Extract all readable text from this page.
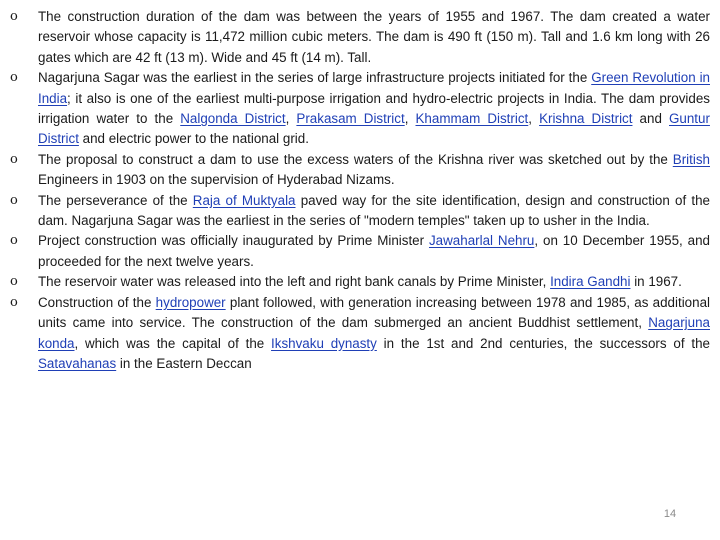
o The construction duration of the dam was between the years of 1955 and 1967. The dam created a water reservoir whose capacity is 11,472 million cubic meters. The dam is 490 ft (150 m). Tall and 1.6 km long with 26 gates which are 42 ft (13 m). Wide and 45 ft (14 m). Tall.
o Nagarjuna Sagar was the earliest in the series of large infrastructure projects initiated for the Green Revolution in India; it also is one of the earliest multi-purpose irrigation and hydro-electric projects in India. The dam provides irrigation water to the Nalgonda District, Prakasam District, Khammam District, Krishna District and Guntur District and electric power to the national grid.
o The proposal to construct a dam to use the excess waters of the Krishna river was sketched out by the British Engineers in 1903 on the supervision of Hyderabad Nizams.
o The perseverance of the Raja of Muktyala paved way for the site identification, design and construction of the dam. Nagarjuna Sagar was the earliest in the series of "modern temples" taken up to usher in the India.
o Project construction was officially inaugurated by Prime Minister Jawaharlal Nehru, on 10 December 1955, and proceeded for the next twelve years.
o The reservoir water was released into the left and right bank canals by Prime Minister, Indira Gandhi in 1967.
o Construction of the hydropower plant followed, with generation increasing between 1978 and 1985, as additional units came into service. The construction of the dam submerged an ancient Buddhist settlement, Nagarjuna konda, which was the capital of the Ikshvaku dynasty in the 1st and 2nd centuries, the successors of the Satavahanas in the Eastern Deccan
14
